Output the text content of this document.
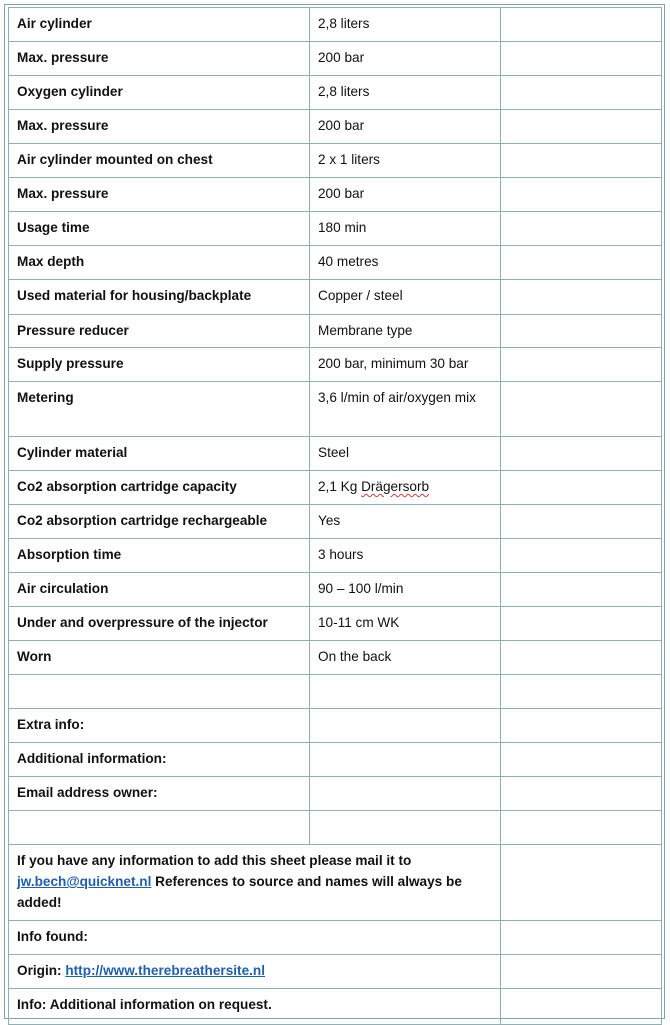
Air cylinder	2,8 liters	
Max. pressure	200 bar	
Oxygen cylinder	2,8 liters	
Max. pressure	200 bar	
Air cylinder mounted on chest	2 x 1 liters	
Max. pressure	200 bar	
Usage time	180 min	
Max depth	40 metres	
Used material for housing/backplate	Copper / steel	
Pressure reducer	Membrane type	
Supply pressure	200 bar, minimum 30 bar	
Metering	3,6 l/min of air/oxygen mix	
Cylinder material	Steel	
Co2 absorption cartridge capacity	2,1 Kg Drägersorb	
Co2 absorption cartridge rechargeable	Yes	
Absorption time	3 hours	
Air circulation	90 – 100 l/min	
Under and overpressure of the injector	10-11 cm WK	
Worn	On the back	

Extra info:		
Additional information:		
Email address owner:		

If you have any information to add this sheet please mail it to jw.bech@quicknet.nl References to source and names will always be added!		
Info found:		
Origin: http://www.therebreathersite.nl		
Info: Additional information on request.		
